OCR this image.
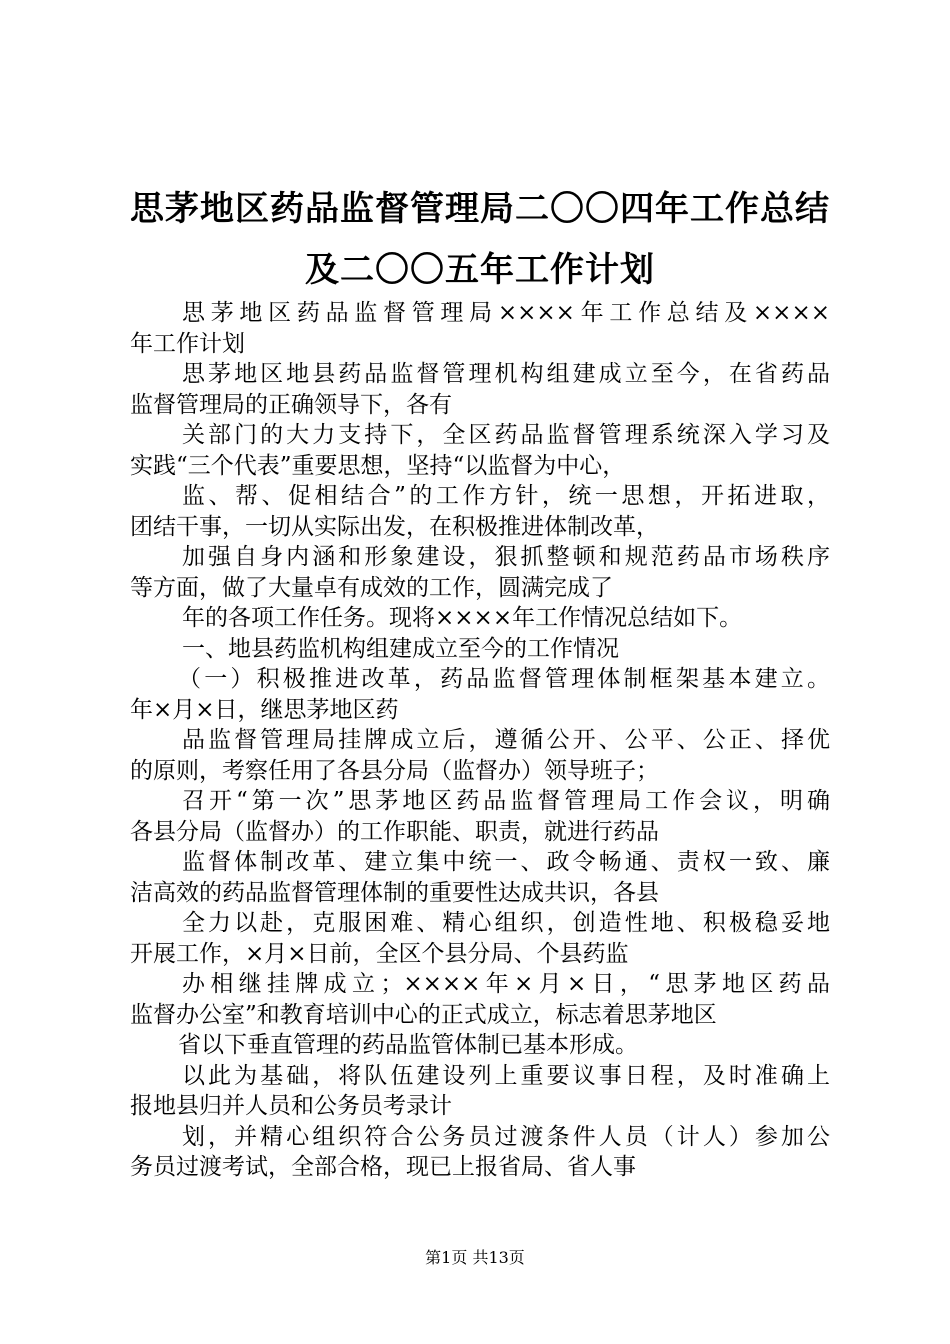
思茅地区药品监督管理局二〇〇四年工作总结
及二〇〇五年工作计划
思茅地区药品监督管理局××××年工作总结及××××
年工作计划
思茅地区地县药品监督管理机构组建成立至今，在省药品
监督管理局的正确领导下，各有
关部门的大力支持下，全区药品监督管理系统深入学习及
实践“三个代表”重要思想，坚持“以监督为中心，
监、帮、促相结合”的工作方针，统一思想，开拓进取，
团结干事，一切从实际出发，在积极推进体制改革，
加强自身内涵和形象建设，狠抓整顿和规范药品市场秩序
等方面，做了大量卓有成效的工作，圆满完成了
年的各项工作任务。现将××××年工作情况总结如下。
一、地县药监机构组建成立至今的工作情况
（一）积极推进改革，药品监督管理体制框架基本建立。
年×月×日，继思茅地区药
品监督管理局挂牌成立后，遵循公开、公平、公正、择优
的原则，考察任用了各县分局（监督办）领导班子；
召开“第一次”思茅地区药品监督管理局工作会议，明确
各县分局（监督办）的工作职能、职责，就进行药品
监督体制改革、建立集中统一、政令畅通、责权一致、廉
洁高效的药品监督管理体制的重要性达成共识，各县
全力以赴，克服困难、精心组织，创造性地、积极稳妥地
开展工作，×月×日前，全区个县分局、个县药监
办相继挂牌成立；××××年×月×日，“思茅地区药品
监督办公室”和教育培训中心的正式成立，标志着思茅地区
省以下垂直管理的药品监管体制已基本形成。
以此为基础，将队伍建设列上重要议事日程，及时准确上
报地县归并人员和公务员考录计
划，并精心组织符合公务员过渡条件人员（计人）参加公
务员过渡考试，全部合格，现已上报省局、省人事
第1页 共13页
